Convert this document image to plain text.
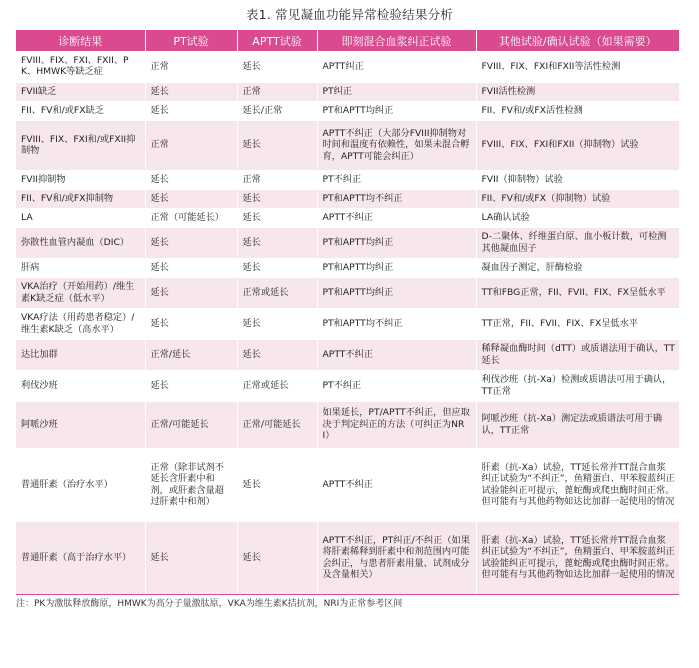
表1. 常见凝血功能异常检验结果分析
诊断结果	PT试验	APTT试验	即刻混合血浆纠正试验	其他试验/确认试验（如果需要）
FVIII、FIX、FXI、FXII、PK、HMWK等缺乏症	正常	延长	APTT纠正	FVIII、FIX、FXI和FXII等活性检测
FVII缺乏	延长	正常	PT纠正	FVII活性检测
FII、FV和/或FX缺乏	延长	延长/正常	PT和APTT均纠正	FII、FV和/或FX活性检测
FVIII、FIX、FXI和/或FXII抑制物	正常	延长	APTT不纠正（大部分FVIII抑制物对时间和温度有依赖性，如果未混合孵育，APTT可能会纠正）	FVIII、FIX、FXI和FXII（抑制物）试验
FVII抑制物	延长	正常	PT不纠正	FVII（抑制物）试验
FII、FV和/或FX抑制物	延长	延长	PT和APTT均不纠正	FII、FV和/或FX（抑制物）试验
LA	正常（可能延长）	延长	APTT不纠正	LA确认试验
弥散性血管内凝血（DIC）	延长	延长	PT和APTT均纠正	D-二聚体、纤维蛋白原、血小板计数，可检测其他凝血因子
肝病	延长	延长	PT和APTT均纠正	凝血因子测定，肝酶检验
VKA治疗（开始用药）/维生素K缺乏症（低水平）	延长	正常或延长	PT和APTT均纠正	TT和FBG正常，FII、FVII、FIX、FX呈低水平
VKA疗法（用药患者稳定）/ 维生素K缺乏（高水平）	延长	延长	PT和APTT均不纠正	TT正常，FII、FVII、FIX、FX呈低水平
达比加群	正常/延长	延长	APTT不纠正	稀释凝血酶时间（dTT）或质谱法用于确认，TT延长
利伐沙班	延长	正常或延长	PT不纠正	利伐沙班（抗-Xa）检测或质谱法可用于确认，TT正常
阿哌沙班	正常/可能延长	正常/可能延长	如果延长，PT/APTT不纠正，但应取决于判定纠正的方法（可纠正为NRI）	阿哌沙班（抗-Xa）测定法或质谱法可用于确认，TT正常
普通肝素（治疗水平）	正常（除非试剂不延长含肝素中和剂，或肝素含量超过肝素中和剂）	延长	APTT不纠正	肝素（抗-Xa）试验，TT延长常并TT混合血浆纠正试验为“不纠正”，鱼精蛋白、甲苯胺蓝纠正试验能纠正可提示，蓖蛇酶或爬虫酶时间正常。但可能有与其他药物如达比加群一起使用的情况
普通肝素（高于治疗水平）	延长	延长	APTT不纠正，PT纠正/不纠正（如果将肝素稀释到肝素中和剂范围内可能会纠正，与患者肝素用量、试剂成分及含量相关）	肝素（抗-Xa）试验，TT延长常并TT混合血浆纠正试验为“不纠正”，鱼精蛋白、甲苯胺蓝纠正试验能纠正可提示，蓖蛇酶或爬虫酶时间正常。但可能有与其他药物如达比加群一起使用的情况
注：PK为激肽释放酶原，HMWK为高分子量激肽原，VKA为维生素K拮抗剂，NRI为正常参考区间
